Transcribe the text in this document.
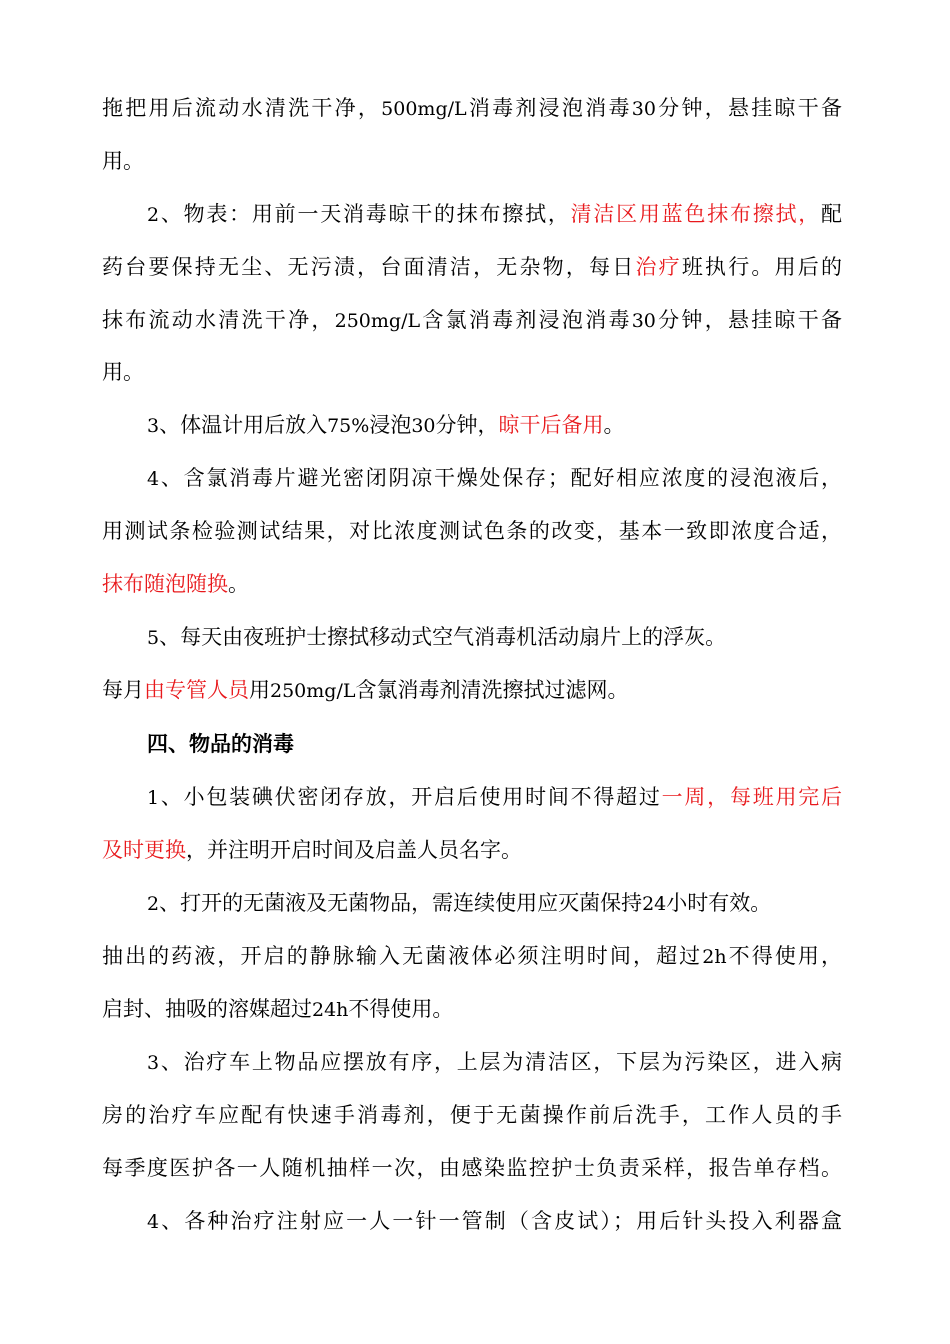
拖把用后流动水清洗干净，500mg/L消毒剂浸泡消毒30分钟，悬挂晾干备
用。
2、物表：用前一天消毒晾干的抹布擦拭，清洁区用蓝色抹布擦拭，配
药台要保持无尘、无污渍，台面清洁，无杂物，每日治疗班执行。用后的
抹布流动水清洗干净，250mg/L含氯消毒剂浸泡消毒30分钟，悬挂晾干备
用。
3、体温计用后放入75%浸泡30分钟，晾干后备用。
4、含氯消毒片避光密闭阴凉干燥处保存；配好相应浓度的浸泡液后，
用测试条检验测试结果，对比浓度测试色条的改变，基本一致即浓度合适，
抹布随泡随换。
5、每天由夜班护士擦拭移动式空气消毒机活动扇片上的浮灰。
每月由专管人员用250mg/L含氯消毒剂清洗擦拭过滤网。
四、物品的消毒
1、小包装碘伏密闭存放，开启后使用时间不得超过一周，每班用完后
及时更换，并注明开启时间及启盖人员名字。
2、打开的无菌液及无菌物品，需连续使用应灭菌保持24小时有效。
抽出的药液，开启的静脉输入无菌液体必须注明时间，超过2h不得使用，
启封、抽吸的溶媒超过24h不得使用。
3、治疗车上物品应摆放有序，上层为清洁区，下层为污染区，进入病
房的治疗车应配有快速手消毒剂，便于无菌操作前后洗手，工作人员的手
每季度医护各一人随机抽样一次，由感染监控护士负责采样，报告单存档。
4、各种治疗注射应一人一针一管制（含皮试）；用后针头投入利器盒
